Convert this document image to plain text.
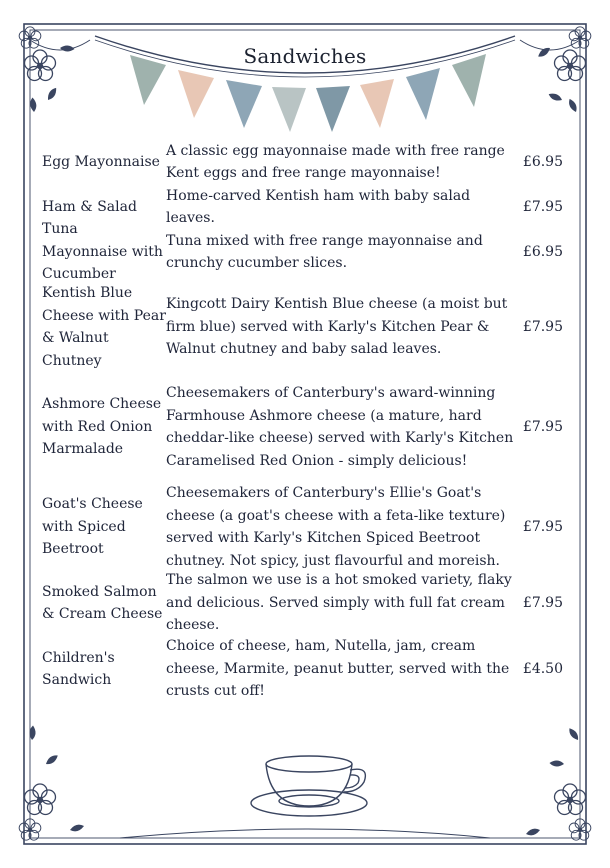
Sandwiches
Egg Mayonnaise
A classic egg mayonnaise made with free range Kent eggs and free range mayonnaise!
£6.95
Ham & Salad
Home-carved Kentish ham with baby salad leaves.
£7.95
Tuna Mayonnaise with Cucumber
Tuna mixed with free range mayonnaise and crunchy cucumber slices.
£6.95
Kentish Blue Cheese with Pear & Walnut Chutney
Kingcott Dairy Kentish Blue cheese (a moist but firm blue) served with Karly's Kitchen Pear & Walnut chutney and baby salad leaves.
£7.95
Ashmore Cheese with Red Onion Marmalade
Cheesemakers of Canterbury's award-winning Farmhouse Ashmore cheese (a mature, hard cheddar-like cheese) served with Karly's Kitchen Caramelised Red Onion - simply delicious!
£7.95
Goat's Cheese with Spiced Beetroot
Cheesemakers of Canterbury's Ellie's Goat's cheese (a goat's cheese with a feta-like texture) served with Karly's Kitchen Spiced Beetroot chutney. Not spicy, just flavourful and moreish.
£7.95
Smoked Salmon & Cream Cheese
The salmon we use is a hot smoked variety, flaky and delicious. Served simply with full fat cream cheese.
£7.95
Children's Sandwich
Choice of cheese, ham, Nutella, jam, cream cheese, Marmite, peanut butter, served with the crusts cut off!
£4.50
